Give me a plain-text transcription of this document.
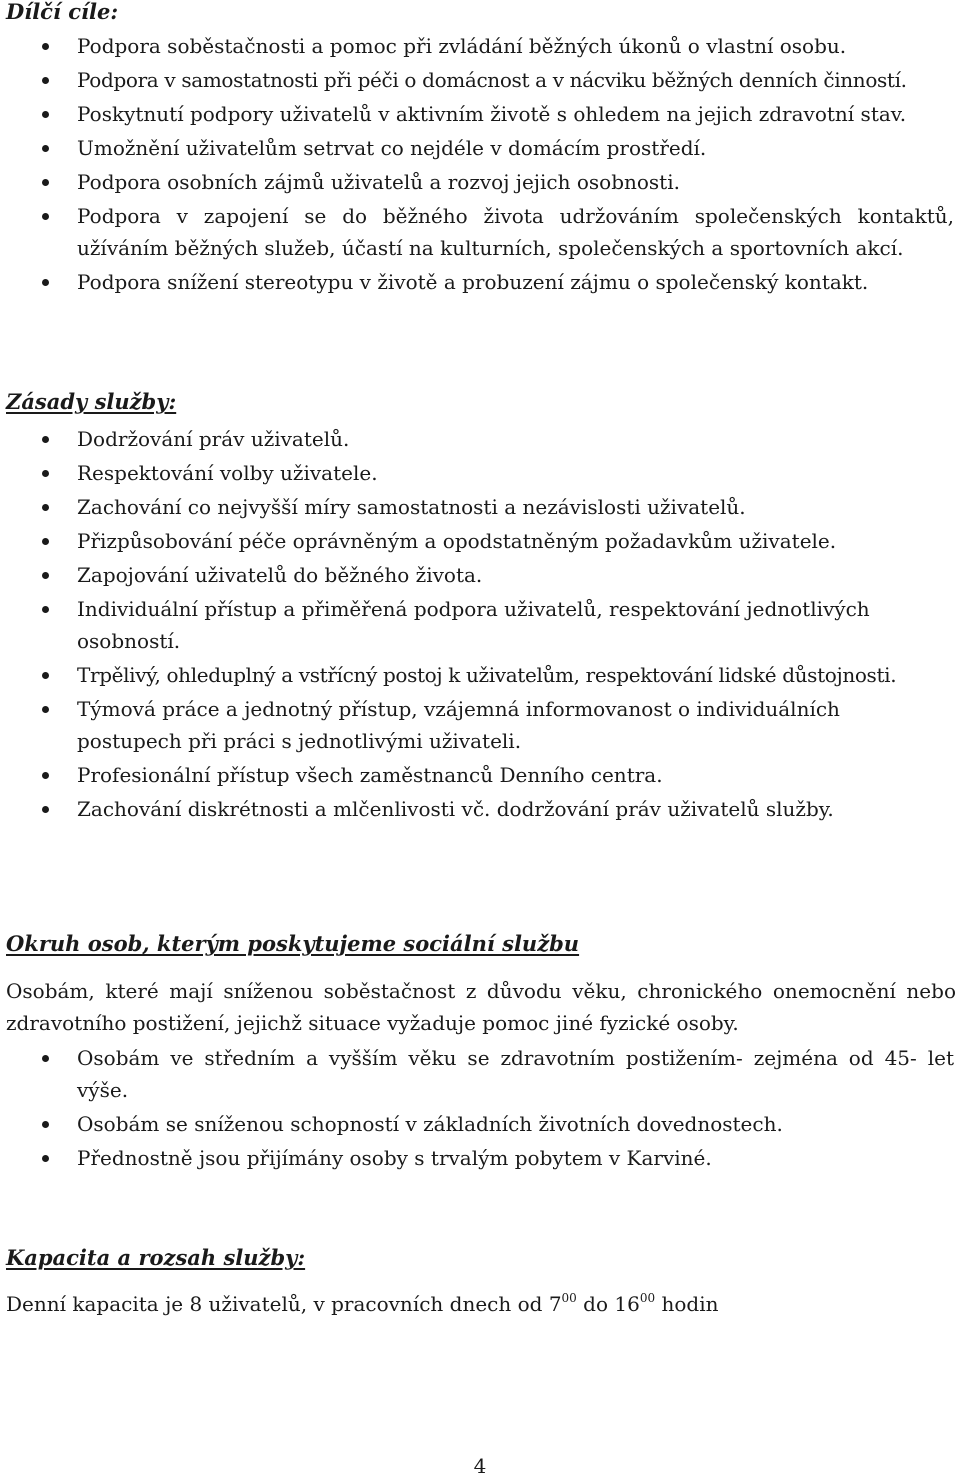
Dílčí cíle:
Podpora soběstačnosti a pomoc při zvládání běžných úkonů o vlastní osobu.
Podpora v samostatnosti při péči o domácnost a v nácviku běžných denních činností.
Poskytnutí podpory uživatelů v aktivním životě s ohledem na jejich zdravotní stav.
Umožnění uživatelům setrvat co nejdéle v domácím prostředí.
Podpora osobních zájmů uživatelů a rozvoj jejich osobnosti.
Podpora v zapojení se do běžného života udržováním společenských kontaktů, užíváním běžných služeb, účastí na kulturních, společenských a sportovních akcí.
Podpora snížení stereotypu v životě a probuzení zájmu o společenský kontakt.
Zásady služby:
Dodržování práv uživatelů.
Respektování volby uživatele.
Zachování co nejvyšší míry samostatnosti a nezávislosti uživatelů.
Přizpůsobování péče oprávněným a opodstatněným požadavkům uživatele.
Zapojování uživatelů do běžného života.
Individuální přístup a přiměřená podpora uživatelů, respektování jednotlivých osobností.
Trpělivý, ohleduplný a vstřícný postoj k uživatelům, respektování lidské důstojnosti.
Týmová práce a jednotný přístup, vzájemná informovanost o individuálních postupech při práci s jednotlivými uživateli.
Profesionální přístup všech zaměstnanců Denního centra.
Zachování diskrétnosti a mlčenlivosti vč. dodržování práv uživatelů služby.
Okruh osob, kterým poskytujeme sociální službu

Osobám, které mají sníženou soběstačnost z důvodu věku, chronického onemocnění nebo zdravotního postižení, jejichž situace vyžaduje pomoc jiné fyzické osoby.

Osobám ve středním a vyšším věku se zdravotním postižením- zejména od 45- let výše.
Osobám se sníženou schopností v základních životních dovednostech.
Přednostně jsou přijímány osoby s trvalým pobytem v Karviné.
Kapacita a rozsah služby:

Denní kapacita je 8 uživatelů, v pracovních dnech od $7^{00}$ do $16^{00}$ hodin

4
